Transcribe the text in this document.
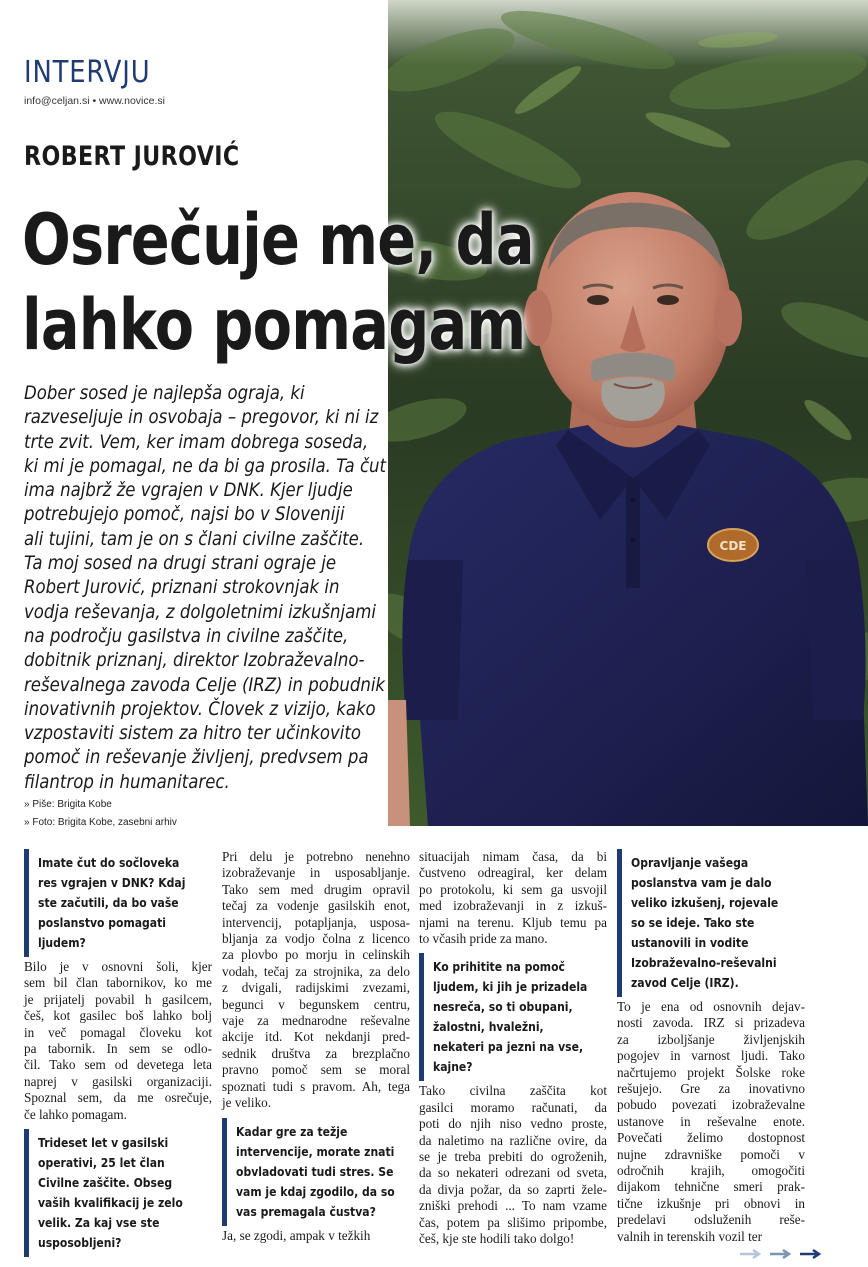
CDE
INTERVJU
info@celjan.si • www.novice.si
ROBERT JUROVIĆ
Osrečuje me, da
lahko pomagam

Dober sosed je najlepša ograja, ki
razveseljuje in osvobaja – pregovor, ki ni iz
trte zvit. Vem, ker imam dobrega soseda,
ki mi je pomagal, ne da bi ga prosila. Ta čut
ima najbrž že vgrajen v DNK. Kjer ljudje
potrebujejo pomoč, najsi bo v Sloveniji
ali tujini, tam je on s člani civilne zaščite.
Ta moj sosed na drugi strani ograje je
Robert Jurović, priznani strokovnjak in
vodja reševanja, z dolgoletnimi izkušnjami
na področju gasilstva in civilne zaščite,
dobitnik priznanj, direktor Izobraževalno-
reševalnega zavoda Celje (IRZ) in pobudnik
inovativnih projektov. Človek z vizijo, kako
vzpostaviti sistem za hitro ter učinkovito
pomoč in reševanje življenj, predvsem pa
filantrop in humanitarec.

» Piše: Brigita Kobe
» Foto: Brigita Kobe, zasebni arhiv
Imate čut do sočloveka
res vgrajen v DNK? Kdaj
ste začutili, da bo vaše
poslanstvo pomagati
ljudem?
Bilo je v osnovni šoli, kjer
sem bil član tabornikov, ko me
je prijatelj povabil h gasilcem,
češ, kot gasilec boš lahko bolj
in več pomagal človeku kot
pa tabornik. In sem se odlo-
čil. Tako sem od devetega leta
naprej v gasilski organizaciji.
Spoznal sem, da me osrečuje,
če lahko pomagam.
Trideset let v gasilski
operativi, 25 let član
Civilne zaščite. Obseg
vaših kvalifikacij je zelo
velik. Za kaj vse ste
usposobljeni?
Pri delu je potrebno nenehno
izobraževanje in usposabljanje.
Tako sem med drugim opravil
tečaj za vodenje gasilskih enot,
intervencij, potapljanja, usposa-
bljanja za vodjo čolna z licenco
za plovbo po morju in celinskih
vodah, tečaj za strojnika, za delo
z dvigali, radijskimi zvezami,
begunci v begunskem centru,
vaje za mednarodne reševalne
akcije itd. Kot nekdanji pred-
sednik društva za brezplačno
pravno pomoč sem se moral
spoznati tudi s pravom. Ah, tega
je veliko.
Kadar gre za težje
intervencije, morate znati
obvladovati tudi stres. Se
vam je kdaj zgodilo, da so
vas premagala čustva?
Ja, se zgodi, ampak v težkih
situacijah nimam časa, da bi
čustveno odreagiral, ker delam
po protokolu, ki sem ga usvojil
med izobraževanji in z izkuš-
njami na terenu. Kljub temu pa
to včasih pride za mano.
Ko prihitite na pomoč
ljudem, ki jih je prizadela
nesreča, so ti obupani,
žalostni, hvaležni,
nekateri pa jezni na vse,
kajne?
Tako civilna zaščita kot
gasilci moramo računati, da
poti do njih niso vedno proste,
da naletimo na različne ovire, da
se je treba prebiti do ogroženih,
da so nekateri odrezani od sveta,
da divja požar, da so zaprti žele-
zniški prehodi ... To nam vzame
čas, potem pa slišimo pripombe,
češ, kje ste hodili tako dolgo!
Opravljanje vašega
poslanstva vam je dalo
veliko izkušenj, rojevale
so se ideje. Tako ste
ustanovili in vodite
Izobraževalno-reševalni
zavod Celje (IRZ).
To je ena od osnovnih dejav-
nosti zavoda. IRZ si prizadeva
za izboljšanje življenjskih
pogojev in varnost ljudi. Tako
načrtujemo projekt Šolske roke
rešujejo. Gre za inovativno
pobudo povezati izobraževalne
ustanove in reševalne enote.
Povečati želimo dostopnost
nujne zdravniške pomoči v
odročnih krajih, omogočiti
dijakom tehnične smeri prak-
tične izkušnje pri obnovi in
predelavi odsluženih reše-
valnih in terenskih vozil ter
